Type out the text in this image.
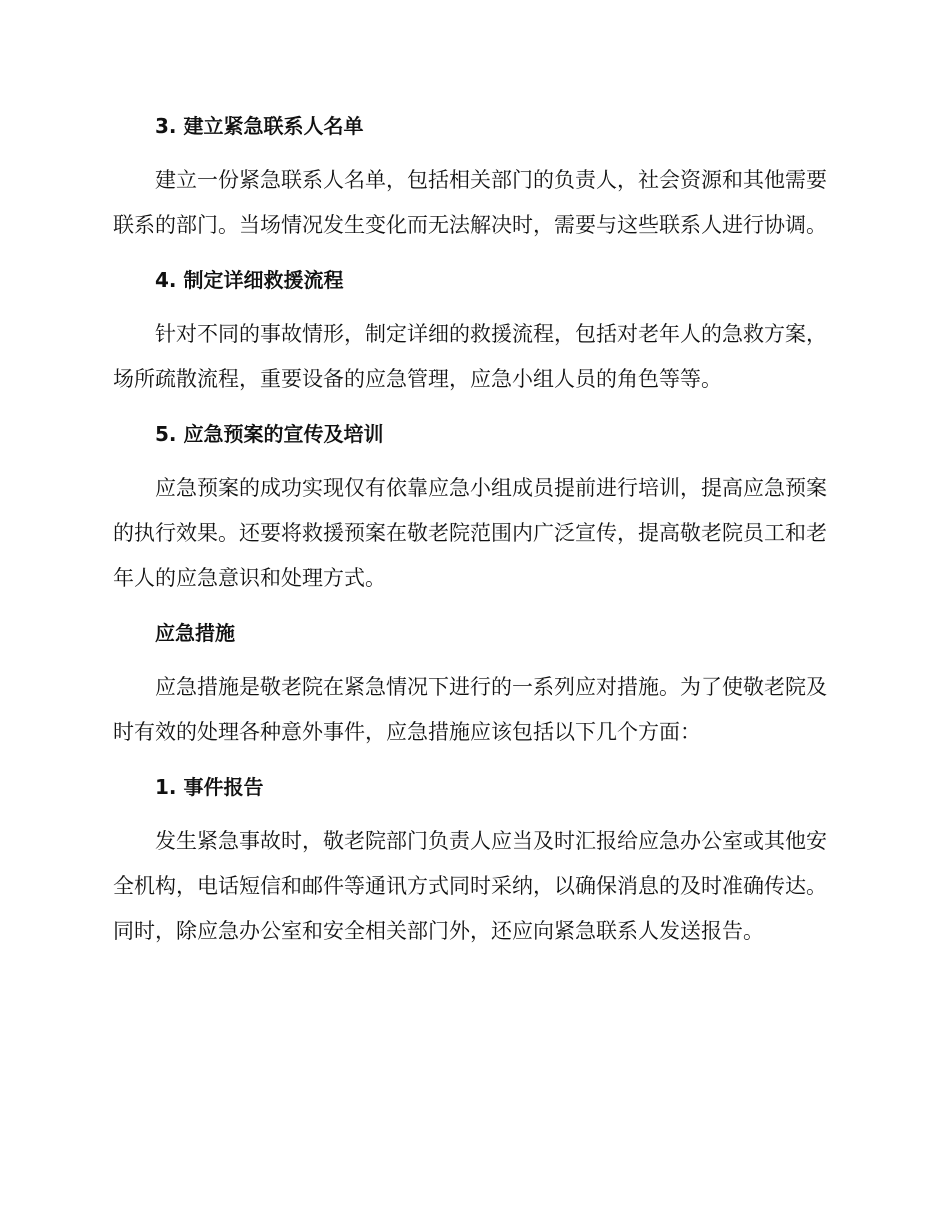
3. 建立紧急联系人名单
建立一份紧急联系人名单，包括相关部门的负责人，社会资源和其他需要联系的部门。当场情况发生变化而无法解决时，需要与这些联系人进行协调。
4. 制定详细救援流程
针对不同的事故情形，制定详细的救援流程，包括对老年人的急救方案，场所疏散流程，重要设备的应急管理，应急小组人员的角色等等。
5. 应急预案的宣传及培训
应急预案的成功实现仅有依靠应急小组成员提前进行培训，提高应急预案的执行效果。还要将救援预案在敬老院范围内广泛宣传，提高敬老院员工和老年人的应急意识和处理方式。
应急措施
应急措施是敬老院在紧急情况下进行的一系列应对措施。为了使敬老院及时有效的处理各种意外事件，应急措施应该包括以下几个方面：
1. 事件报告
发生紧急事故时，敬老院部门负责人应当及时汇报给应急办公室或其他安全机构，电话短信和邮件等通讯方式同时采纳，以确保消息的及时准确传达。同时，除应急办公室和安全相关部门外，还应向紧急联系人发送报告。
